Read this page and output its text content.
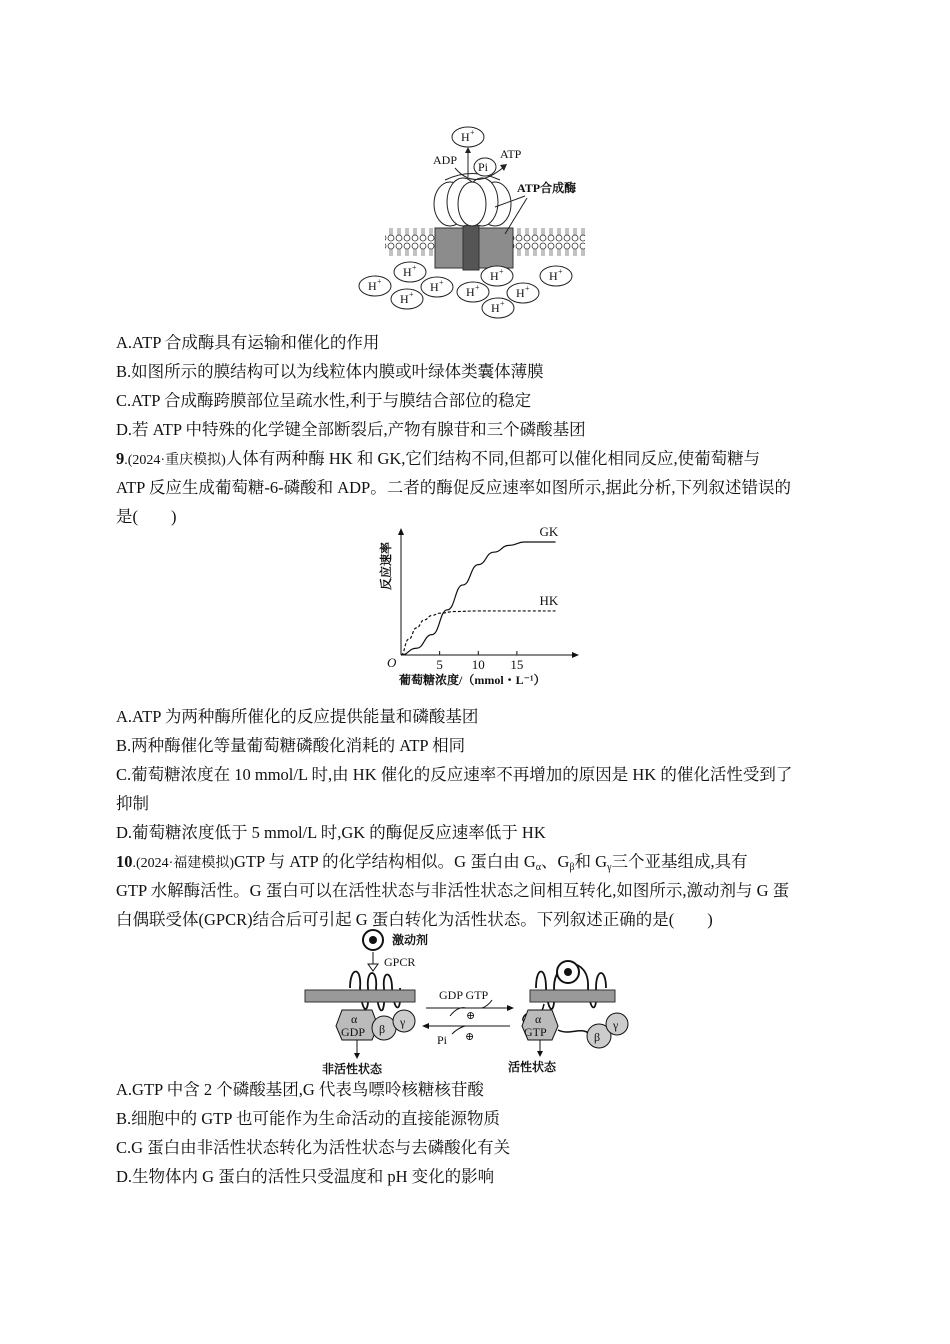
H +
Pi
ADP	ATP
ATP合成酶
H +
H +
H +
H +
H +
H +
H +
H +
H +
A.ATP 合成酶具有运输和催化的作用
B.如图所示的膜结构可以为线粒体内膜或叶绿体类囊体薄膜
C.ATP 合成酶跨膜部位呈疏水性,利于与膜结合部位的稳定
D.若 ATP 中特殊的化学键全部断裂后,产物有腺苷和三个磷酸基团
9.(2024·重庆模拟)人体有两种酶 HK 和 GK,它们结构不同,但都可以催化相同反应,使葡萄糖与
ATP 反应生成葡萄糖-6-磷酸和 ADP。二者的酶促反应速率如图所示,据此分析,下列叙述错误的
是(　　)
反应速率
O	5 10 15
GK
HK
葡萄糖浓度/（mmol・L⁻¹）
A.ATP 为两种酶所催化的反应提供能量和磷酸基团
B.两种酶催化等量葡萄糖磷酸化消耗的 ATP 相同
C.葡萄糖浓度在 10 mmol/L 时,由 HK 催化的反应速率不再增加的原因是 HK 的催化活性受到了
抑制
D.葡萄糖浓度低于 5 mmol/L 时,GK 的酶促反应速率低于 HK
10.(2024·福建模拟)GTP 与 ATP 的化学结构相似。G 蛋白由 $G_\alpha$、$G_\beta$和 $G_\gamma$三个亚基组成,具有
GTP 水解酶活性。G 蛋白可以在活性状态与非活性状态之间相互转化,如图所示,激动剂与 G 蛋
白偶联受体(GPCR)结合后可引起 G 蛋白转化为活性状态。下列叙述正确的是(　　)
激动剂
GPCR
α
GDP β γ
非活性状态
GDP GTP
⊕
Pi ⊕
α
GTP	β
γ
活性状态
A.GTP 中含 2 个磷酸基团,G 代表鸟嘌呤核糖核苷酸
B.细胞中的 GTP 也可能作为生命活动的直接能源物质
C.G 蛋白由非活性状态转化为活性状态与去磷酸化有关
D.生物体内 G 蛋白的活性只受温度和 pH 变化的影响
